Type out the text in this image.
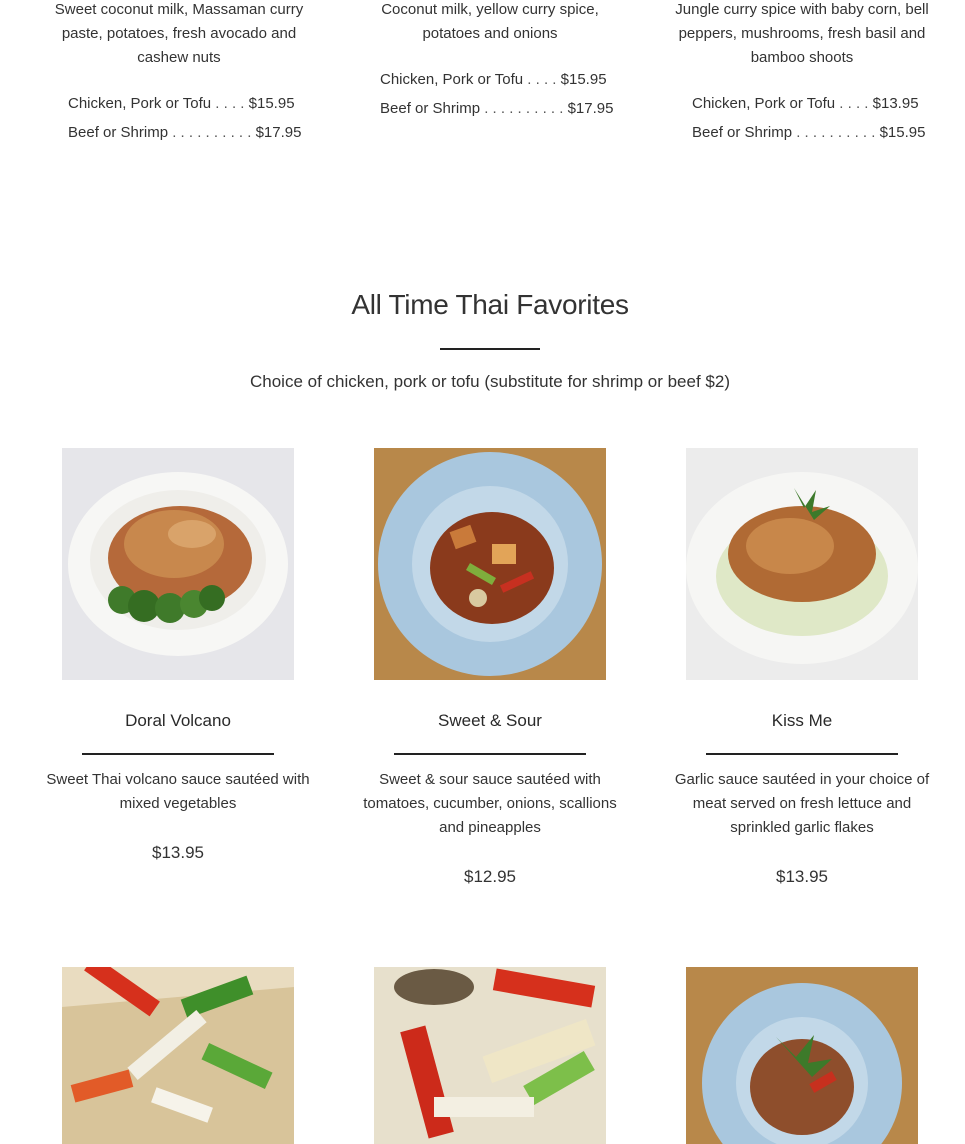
Sweet coconut milk, Massaman curry paste, potatoes, fresh avocado and cashew nuts
Chicken, Pork or Tofu . . . . $15.95
Beef or Shrimp . . . . . . . . . . $17.95
Coconut milk, yellow curry spice, potatoes and onions
Chicken, Pork or Tofu . . . . $15.95
Beef or Shrimp . . . . . . . . . . $17.95
Jungle curry spice with baby corn, bell peppers, mushrooms, fresh basil and bamboo shoots
Chicken, Pork or Tofu . . . . $13.95
Beef or Shrimp . . . . . . . . . . $15.95
All Time Thai Favorites
Choice of chicken, pork or tofu (substitute for shrimp or beef $2)
Doral Volcano
Sweet Thai volcano sauce sautéed with mixed vegetables
$13.95
Sweet & Sour
Sweet & sour sauce sautéed with tomatoes, cucumber, onions, scallions and pineapples
$12.95
Kiss Me
Garlic sauce sautéed in your choice of meat served on fresh lettuce and sprinkled garlic flakes
$13.95
